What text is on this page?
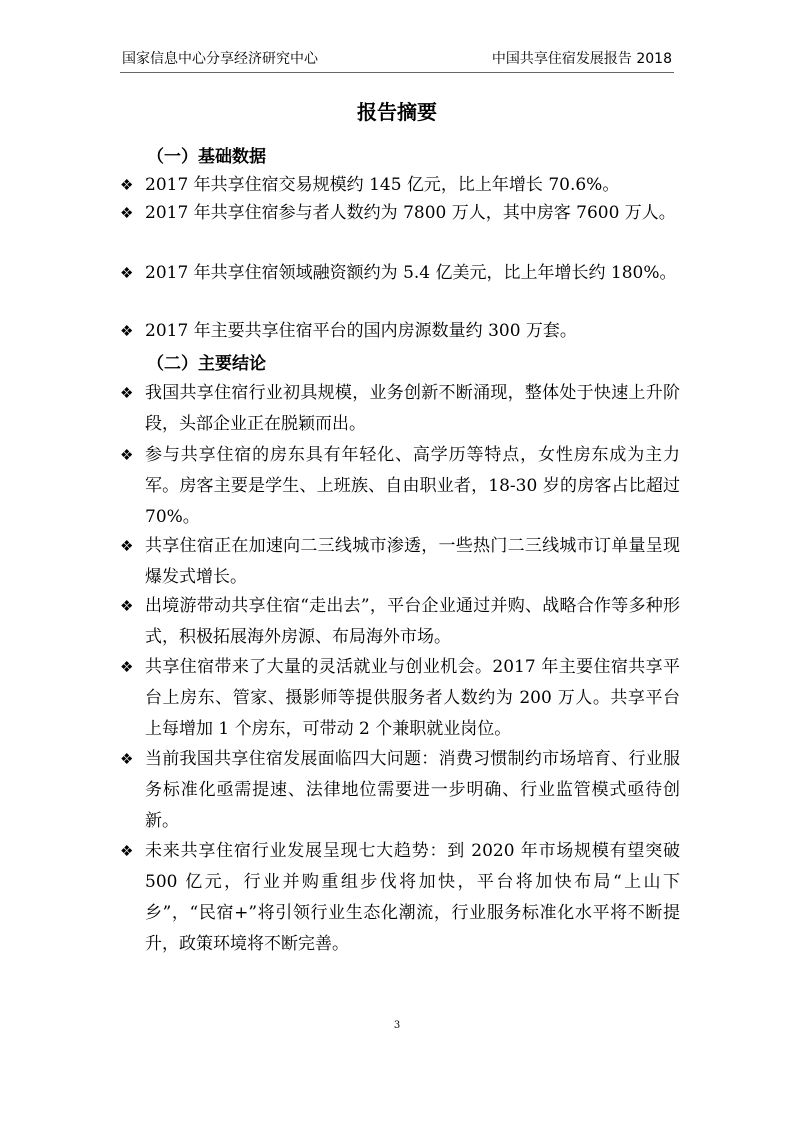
国家信息中心分享经济研究中心	中国共享住宿发展报告 2018
报告摘要
（一）基础数据
❖ 2017 年共享住宿交易规模约 145 亿元，比上年增长 70.6%。
❖ 2017 年共享住宿参与者人数约为 7800 万人，其中房客 7600 万人。
❖ 2017 年共享住宿领域融资额约为 5.4 亿美元，比上年增长约 180%。
❖ 2017 年主要共享住宿平台的国内房源数量约 300 万套。
（二）主要结论
❖ 我国共享住宿行业初具规模，业务创新不断涌现，整体处于快速上升阶段，头部企业正在脱颖而出。
❖ 参与共享住宿的房东具有年轻化、高学历等特点，女性房东成为主力军。房客主要是学生、上班族、自由职业者，18-30 岁的房客占比超过 70%。
❖ 共享住宿正在加速向二三线城市渗透，一些热门二三线城市订单量呈现爆发式增长。
❖ 出境游带动共享住宿“走出去”，平台企业通过并购、战略合作等多种形式，积极拓展海外房源、布局海外市场。
❖ 共享住宿带来了大量的灵活就业与创业机会。2017 年主要住宿共享平台上房东、管家、摄影师等提供服务者人数约为 200 万人。共享平台上每增加 1 个房东，可带动 2 个兼职就业岗位。
❖ 当前我国共享住宿发展面临四大问题：消费习惯制约市场培育、行业服务标准化亟需提速、法律地位需要进一步明确、行业监管模式亟待创新。
❖ 未来共享住宿行业发展呈现七大趋势：到 2020 年市场规模有望突破 500 亿元，行业并购重组步伐将加快，平台将加快布局“上山下乡”，“民宿+”将引领行业生态化潮流，行业服务标准化水平将不断提升，政策环境将不断完善。
3
